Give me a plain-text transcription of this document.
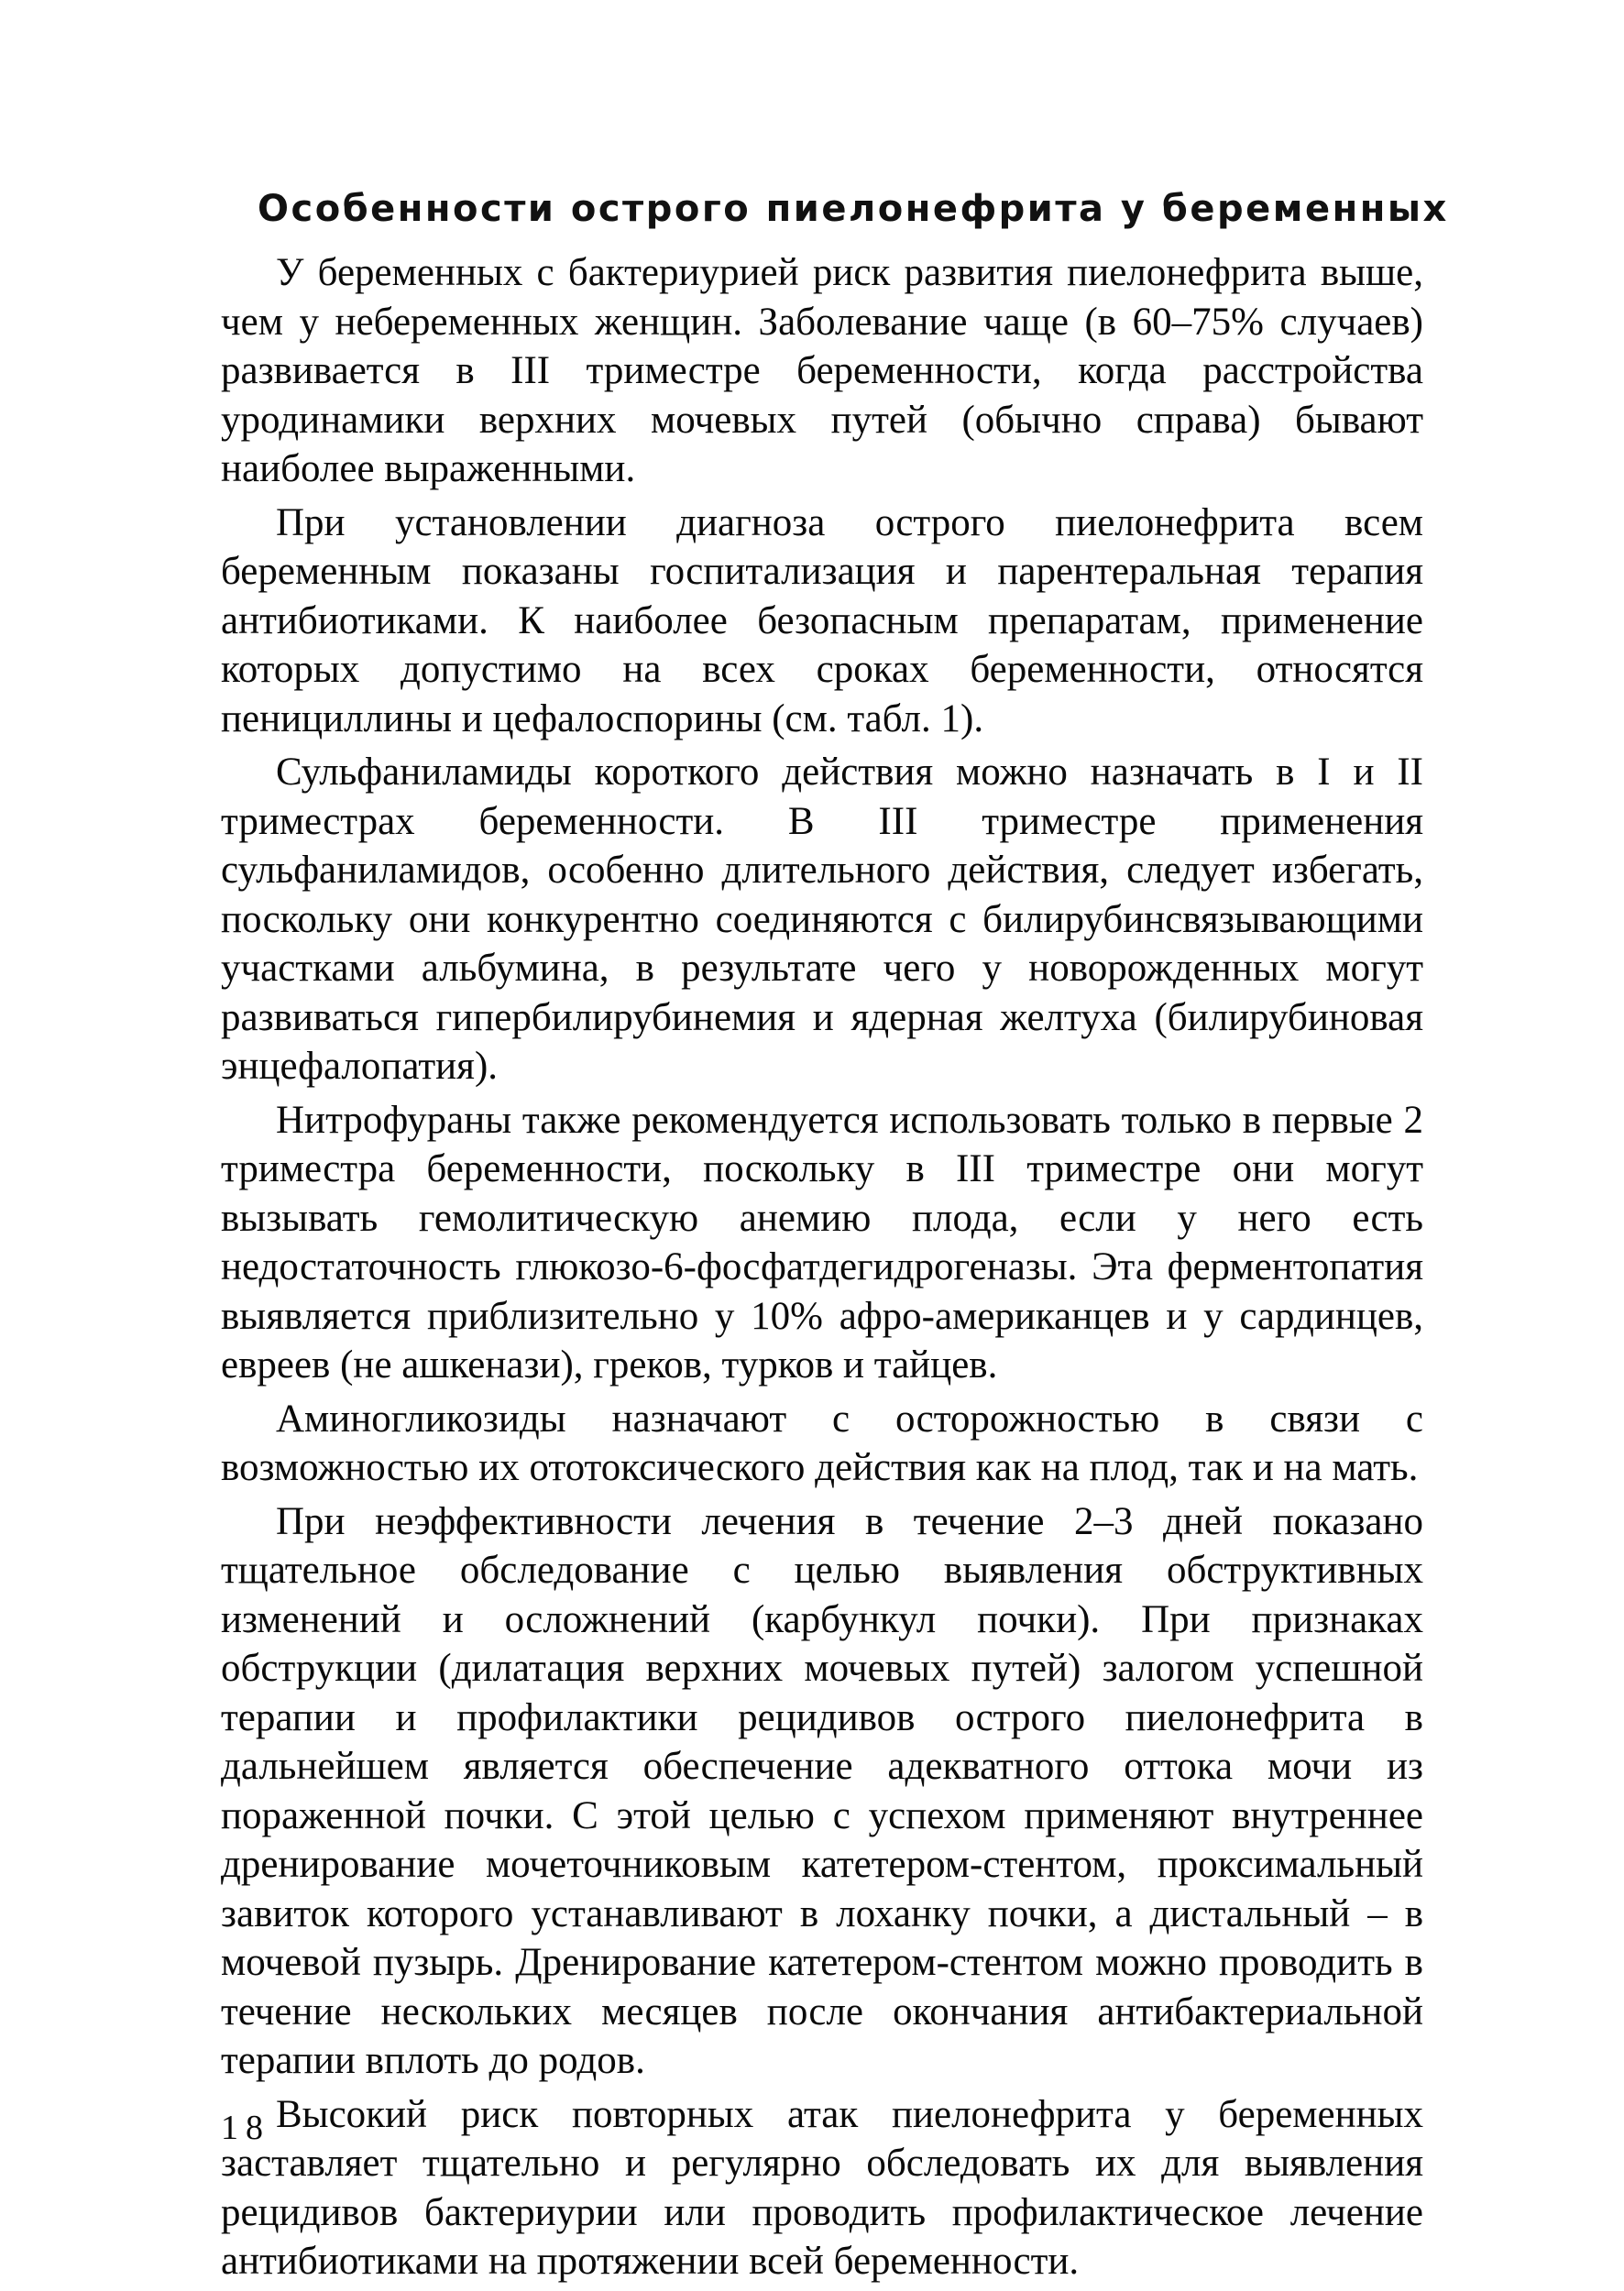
Особенности острого пиелонефрита у беременных

У беременных с бактериурией риск развития пиелонефрита выше, чем у небеременных женщин. Заболевание чаще (в 60–75% случаев) развивается в III триместре беременности, когда расстройства уродинамики верхних мочевых путей (обычно справа) бывают наиболее выраженными.

При установлении диагноза острого пиелонефрита всем беременным показаны госпитализация и парентеральная терапия антибиотиками. К наиболее безопасным препаратам, применение которых допустимо на всех сроках беременности, относятся пенициллины и цефалоспорины (см. табл. 1).

Сульфаниламиды короткого действия можно назначать в I и II триместрах беременности. В III триместре применения сульфаниламидов, особенно длительного действия, следует избегать, поскольку они конкурентно соединяются с билирубинсвязывающими участками альбумина, в результате чего у новорожденных могут развиваться гипербилирубинемия и ядерная желтуха (билирубиновая энцефалопатия).

Нитрофураны также рекомендуется использовать только в первые 2 триместра беременности, поскольку в III триместре они могут вызывать гемолитическую анемию плода, если у него есть недостаточность глюкозо-6-фосфатдегидрогеназы. Эта ферментопатия выявляется приблизительно у 10% афро-американцев и у сардинцев, евреев (не ашкенази), греков, турков и тайцев.

Аминогликозиды назначают с осторожностью в связи с возможностью их ототоксического действия как на плод, так и на мать.

При неэффективности лечения в течение 2–3 дней показано тщательное обследование с целью выявления обструктивных изменений и осложнений (карбункул почки). При признаках обструкции (дилатация верхних мочевых путей) залогом успешной терапии и профилактики рецидивов острого пиелонефрита в дальнейшем является обеспечение адекватного оттока мочи из пораженной почки. С этой целью с успехом применяют внутреннее дренирование мочеточниковым катетером-стентом, проксимальный завиток которого устанавливают в лоханку почки, а дистальный – в мочевой пузырь. Дренирование катетером-стентом можно проводить в течение нескольких месяцев после окончания антибактериальной терапии вплоть до родов.

Высокий риск повторных атак пиелонефрита у беременных заставляет тщательно и регулярно обследовать их для выявления рецидивов бактериурии или проводить профилактическое лечение антибиотиками на протяжении всей беременности.

18
